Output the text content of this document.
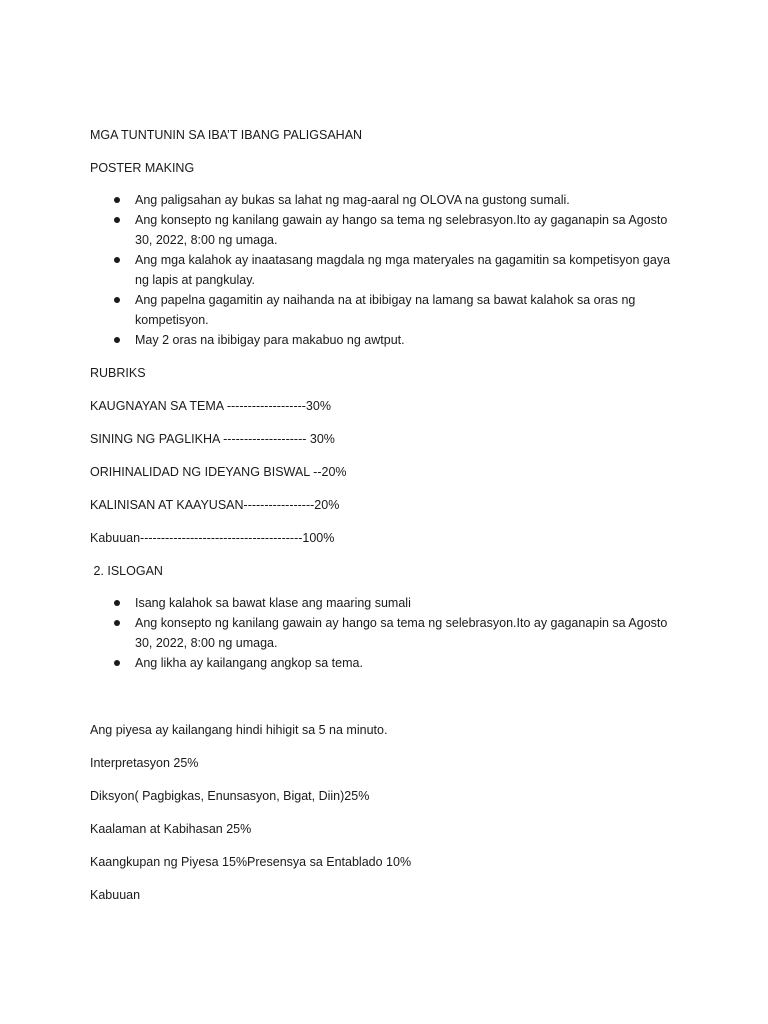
MGA TUNTUNIN SA IBA’T IBANG PALIGSAHAN
POSTER MAKING
Ang paligsahan ay bukas sa lahat ng mag-aaral ng OLOVA na gustong sumali.
Ang konsepto ng kanilang gawain ay hango sa tema ng selebrasyon.Ito ay gaganapin sa Agosto 30, 2022, 8:00 ng umaga.
Ang mga kalahok ay inaatasang magdala ng mga materyales na gagamitin sa kompetisyon gaya ng lapis at pangkulay.
Ang papelna gagamitin ay naihanda na at ibibigay na lamang sa bawat kalahok sa oras ng kompetisyon.
May 2 oras na ibibigay para makabuo ng awtput.
RUBRIKS
KAUGNAYAN SA TEMA -------------------30%
SINING NG PAGLIKHA -------------------- 30%
ORIHINALIDAD NG IDEYANG BISWAL --20%
KALINISAN AT KAAYUSAN-----------------20%
Kabuuan---------------------------------------100%
2. ISLOGAN
Isang kalahok sa bawat klase ang maaring sumali
Ang konsepto ng kanilang gawain ay hango sa tema ng selebrasyon.Ito ay gaganapin sa Agosto 30, 2022, 8:00 ng umaga.
Ang likha ay kailangang angkop sa tema.
Ang piyesa ay kailangang hindi hihigit sa 5 na minuto.
Interpretasyon 25%
Diksyon( Pagbigkas, Enunsasyon, Bigat, Diin)25%
Kaalaman at Kabihasan 25%
Kaangkupan ng Piyesa 15%Presensya sa Entablado 10%
Kabuuan
